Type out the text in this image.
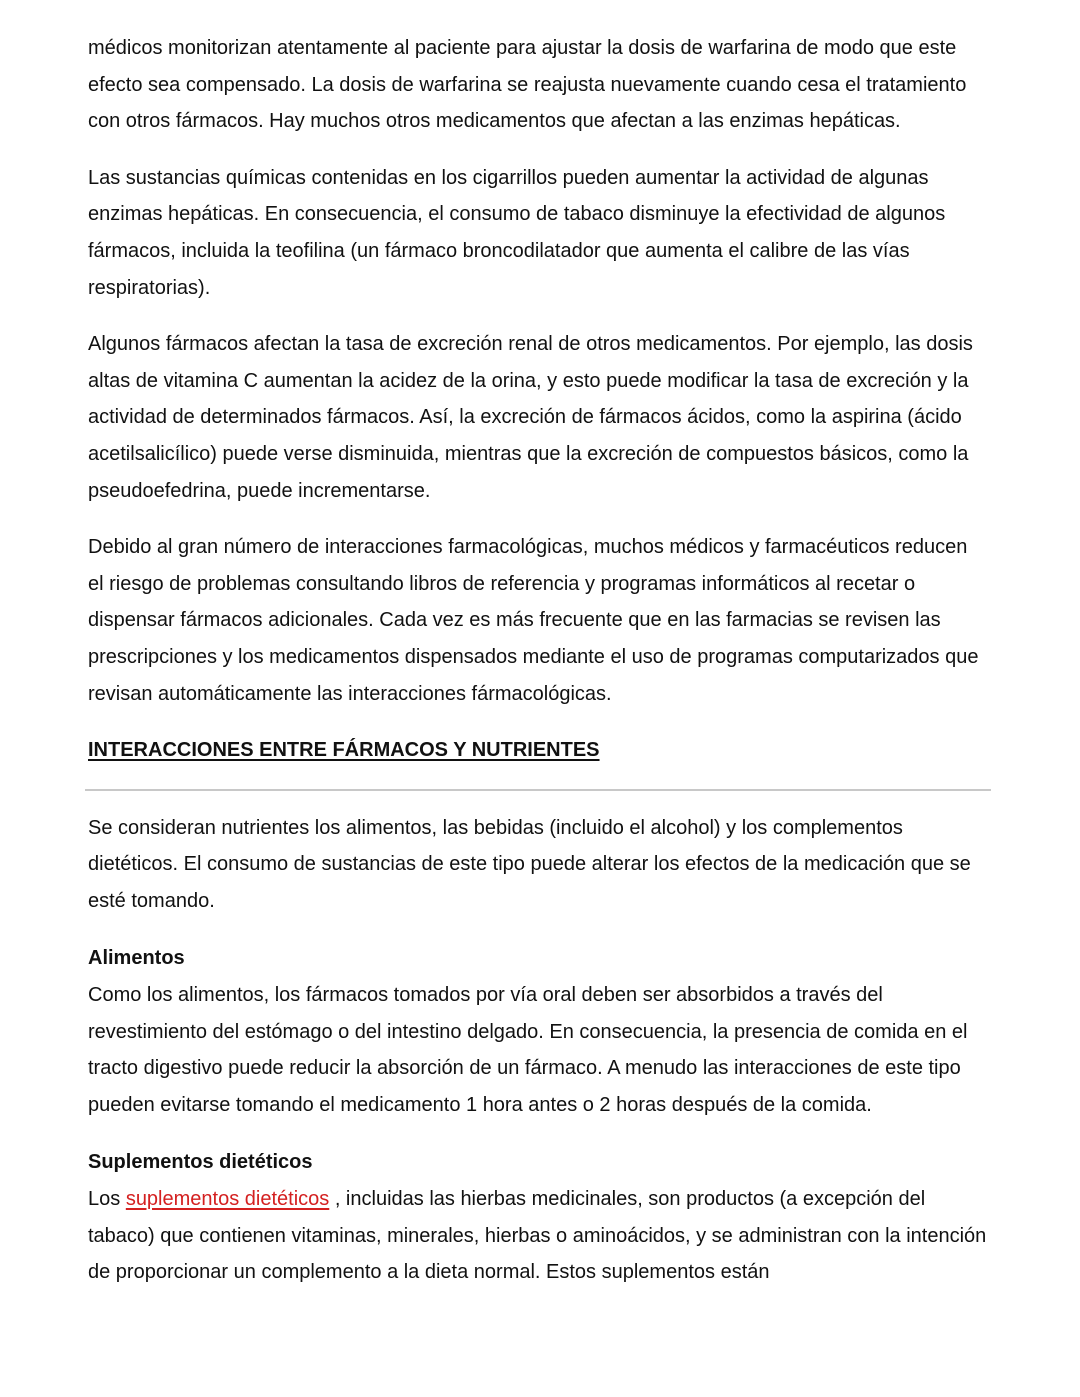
médicos monitorizan atentamente al paciente para ajustar la dosis de warfarina de modo que este efecto sea compensado. La dosis de warfarina se reajusta nuevamente cuando cesa el tratamiento con otros fármacos. Hay muchos otros medicamentos que afectan a las enzimas hepáticas.

Las sustancias químicas contenidas en los cigarrillos pueden aumentar la actividad de algunas enzimas hepáticas. En consecuencia, el consumo de tabaco disminuye la efectividad de algunos fármacos, incluida la teofilina (un fármaco broncodilatador que aumenta el calibre de las vías respiratorias).

Algunos fármacos afectan la tasa de excreción renal de otros medicamentos. Por ejemplo, las dosis altas de vitamina C aumentan la acidez de la orina, y esto puede modificar la tasa de excreción y la actividad de determinados fármacos. Así, la excreción de fármacos ácidos, como la aspirina (ácido acetilsalicílico) puede verse disminuida, mientras que la excreción de compuestos básicos, como la pseudoefedrina, puede incrementarse.

Debido al gran número de interacciones farmacológicas, muchos médicos y farmacéuticos reducen el riesgo de problemas consultando libros de referencia y programas informáticos al recetar o dispensar fármacos adicionales. Cada vez es más frecuente que en las farmacias se revisen las prescripciones y los medicamentos dispensados mediante el uso de programas computarizados que revisan automáticamente las interacciones fármacológicas.

INTERACCIONES ENTRE FÁRMACOS Y NUTRIENTES

Se consideran nutrientes los alimentos, las bebidas (incluido el alcohol) y los complementos dietéticos. El consumo de sustancias de este tipo puede alterar los efectos de la medicación que se esté tomando.

Alimentos

Como los alimentos, los fármacos tomados por vía oral deben ser absorbidos a través del revestimiento del estómago o del intestino delgado. En consecuencia, la presencia de comida en el tracto digestivo puede reducir la absorción de un fármaco. A menudo las interacciones de este tipo pueden evitarse tomando el medicamento 1 hora antes o 2 horas después de la comida.

Suplementos dietéticos

Los suplementos dietéticos , incluidas las hierbas medicinales, son productos (a excepción del tabaco) que contienen vitaminas, minerales, hierbas o aminoácidos, y se administran con la intención de proporcionar un complemento a la dieta normal. Estos suplementos están
